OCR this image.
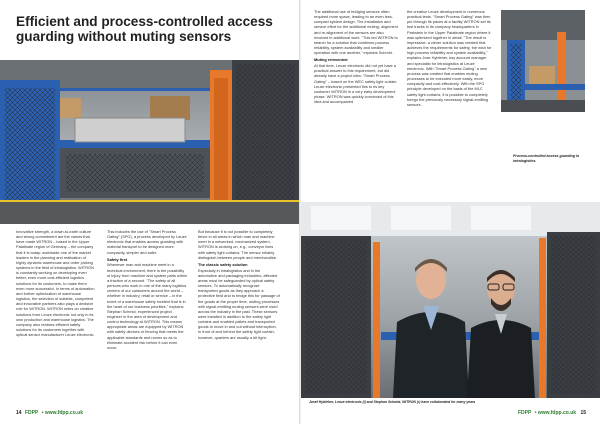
Efficient and process-controlled access guarding without muting sensors

Innovative strength, a down-to-earth culture and strong commitment are the values that have made WITRON – based in the Upper Palatinate region of Germany – the company that it is today: worldwide one of the market leaders in the planning and realisation of highly dynamic warehouse and order picking systems in the field of intralogistics. WITRON is constantly working on developing even better, even more cost-efficient logistics solutions for its customers, to make them even more successful. In terms of automation and further optimization of warehouse logistics, the selection of suitable, competent and innovative partners also plays a decisive role for WITRON. WITRON relies on creative solutions from Leuze electronic not only in its own production and warehouse logistics. The company also realizes efficient safety solutions for its customers together with optical sensor manufacturer Leuze electronic.

This includes the use of "Smart Process Gating" (SPG), a process developed by Leuze electronic that enables access guarding with material transport to be designed more compactly, simpler and safer.

Safety first

Whenever man and machine meet in a technical environment, there is the possibility of injury from machine and system parts within a fraction of a second. "The safety of all persons who work in one of the many logistics centers of our customers around the world – whether in industry, retail or service – in the event of a warehouse safety incident that is in the heart of our business priorities," explains Stephan Schmid, experienced project engineer in the area of development and control technology at WITRON. This means appropriate areas are equipped by WITRON with safety devices or fencing that meets the applicable standards and norms so as to eliminate accident risk before it can even occur.

But because it is not possible to completely fence in all areas in which man and machine meet in a networked, mechanized system, WITRON is working on, e.g., conveyor lines with safety light curtains. The sensor reliably distinguish between people and merchandise.

The classic safety solution

Especially in intralogistics and in the automotive and packaging industries, affected areas must be safeguarded by optical safety sensors. To automatically recognize transported goods as they approach a protective field and to bridge this for passage of the goods at the proper time, muting processes with signal-emitting muting sensors were used across the industry in the past. These sensors were installed in addition to the safety light curtains and enabled pallets and transported goods to move in and out without interruption. In front of and behind the safety light curtain, however, quarters are usually a bit tight.

14 FDPP • www.fdpp.co.uk

The additional use of bridging sensors often required more space, leading to an even less-compact system design. The installation and service effort for the additional muting, alignment and re-alignment of the sensors are also involved in additional work. "This led WITRON to search for a solution that combines process reliability, system availability and smaller operation with one another," explains Schmid.

Muting reinvented

At that time, Leuze electronic did not yet have a practical answer to this requirement, but did already have a project idea: "Smart Process Gating" – based on the WEC safety light curtain. Leuze electronic presented this to its key customer WITRON in a very early development phase. WITRON was quickly convinced of this idea and accompanied

the creative Leuze development in numerous practical tests. "Smart Process Gating" was then put through its paces at a facility WITRON set its test tracks in its company headquarters in Parkstein in the Upper Palatinate region where it was optimized together in detail. "The result is impressive: a clever solution was created that achieves the requirements for safety, the wish for high process reliability and system availability," explains Jose Hybleher, key account manager and specialist for intralogistics at Leuze electronic. With "Smart Process Gating" a new process was created that enables muting processes to be executed more easily, more compactly and cost-effectively. With the SPG principle developed on the basis of the MLC safety light curtains, it is possible to completely forego the previously necessary signal-emitting sensors.

Process-controlled access guarding in intralogistics.
Josef Hybleher, Leuze electronic (l) and Stephan Schmid, WITRON (r) have collaborated for many years
FDPP • www.fdpp.co.uk 15
